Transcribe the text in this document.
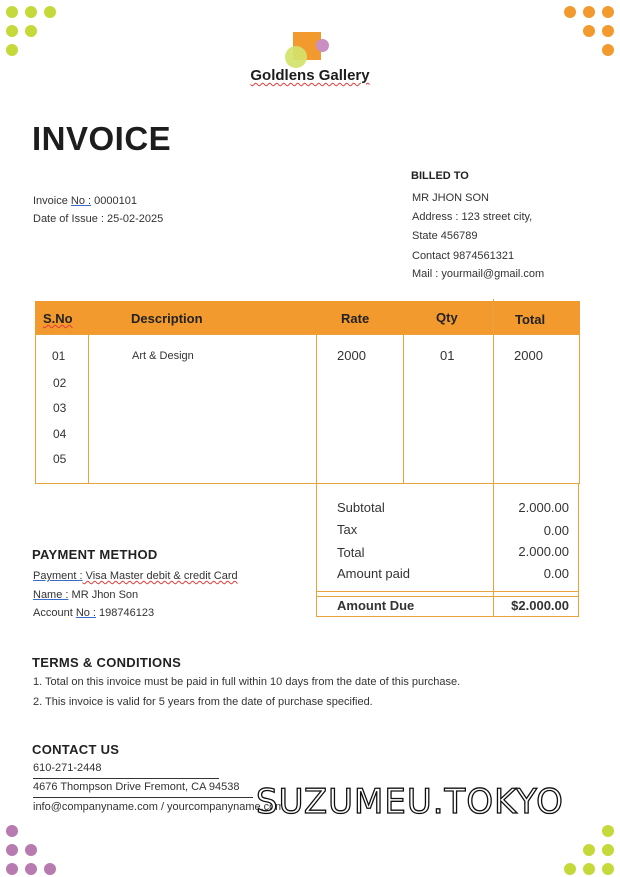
Goldlens Gallery
INVOICE
Invoice No : 0000101
Date of Issue : 25-02-2025
BILLED TO
MR JHON SON
Address : 123 street city,
State 456789
Contact 9874561321
Mail : yourmail@gmail.com
S.No	Description	Rate	Qty	Total
01	Art & Design	2000	01	2000
02
03
04
05
Subtotal	2.000.00
Tax	0.00
Total	2.000.00
Amount paid	0.00
Amount Due	$2.000.00
PAYMENT METHOD
Payment : Visa Master debit & credit Card
Name : MR Jhon Son
Account No : 198746123
TERMS & CONDITIONS
1. Total on this invoice must be paid in full within 10 days from the date of this purchase.
2. This invoice is valid for 5 years from the date of purchase specified.
CONTACT US
610-271-2448
4676 Thompson Drive Fremont, CA 94538
info@companyname.com / yourcompanyname.com
SUZUMEU.TOKYO
